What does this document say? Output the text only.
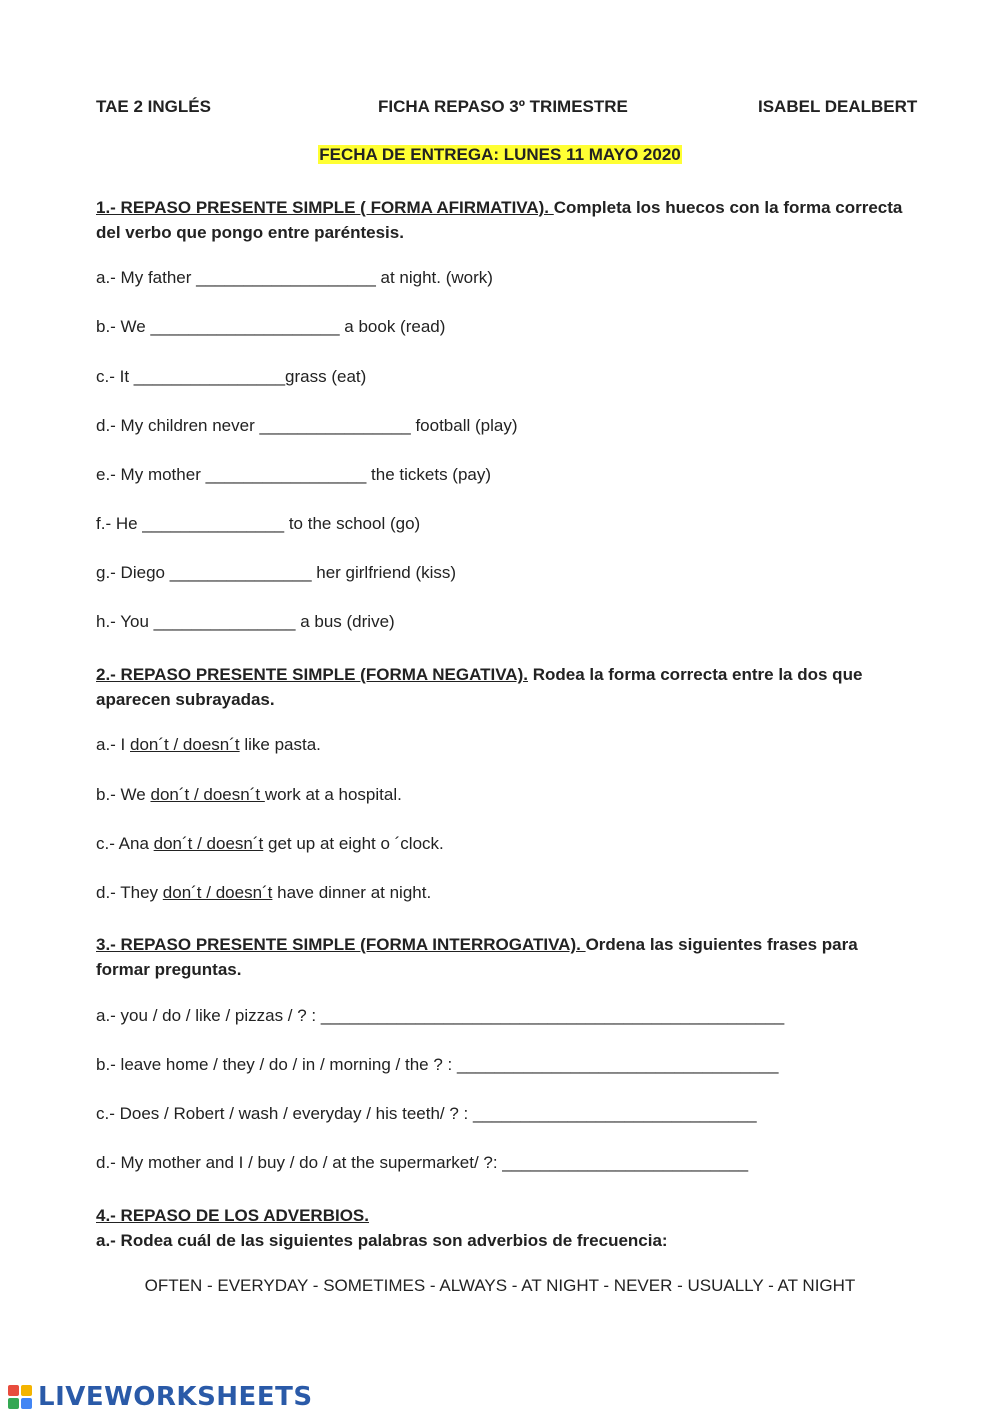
TAE 2 INGLÉS	FICHA REPASO 3º TRIMESTRE	ISABEL DEALBERT
FECHA DE ENTREGA: LUNES 11 MAYO 2020
1.- REPASO PRESENTE SIMPLE ( FORMA AFIRMATIVA). Completa los huecos con la forma correcta del verbo que pongo entre paréntesis.
a.- My father ___________________ at night. (work)
b.- We ____________________ a book (read)
c.- It ________________grass (eat)
d.- My children never ________________ football (play)
e.- My mother _________________ the tickets (pay)
f.- He _______________ to the school (go)
g.- Diego _______________ her girlfriend (kiss)
h.- You _______________ a bus (drive)
2.- REPASO PRESENTE SIMPLE (FORMA NEGATIVA). Rodea la forma correcta entre la dos que aparecen subrayadas.
a.- I don´t / doesn´t like pasta.
b.- We don´t / doesn´t work at a hospital.
c.- Ana don´t / doesn´t get up at eight o ´clock.
d.- They don´t / doesn´t have dinner at night.
3.- REPASO PRESENTE SIMPLE (FORMA INTERROGATIVA). Ordena las siguientes frases para formar preguntas.
a.- you / do / like / pizzas / ? : _________________________________________________
b.- leave home / they / do / in / morning / the ? : __________________________________
c.- Does / Robert / wash / everyday / his teeth/ ? : ______________________________
d.- My mother and I / buy / do / at the supermarket/ ?: __________________________
4.- REPASO DE LOS ADVERBIOS.
a.- Rodea cuál de las siguientes palabras son adverbios de frecuencia:
OFTEN - EVERYDAY - SOMETIMES - ALWAYS - AT NIGHT - NEVER - USUALLY - AT NIGHT
LIVEWORKSHEETS
